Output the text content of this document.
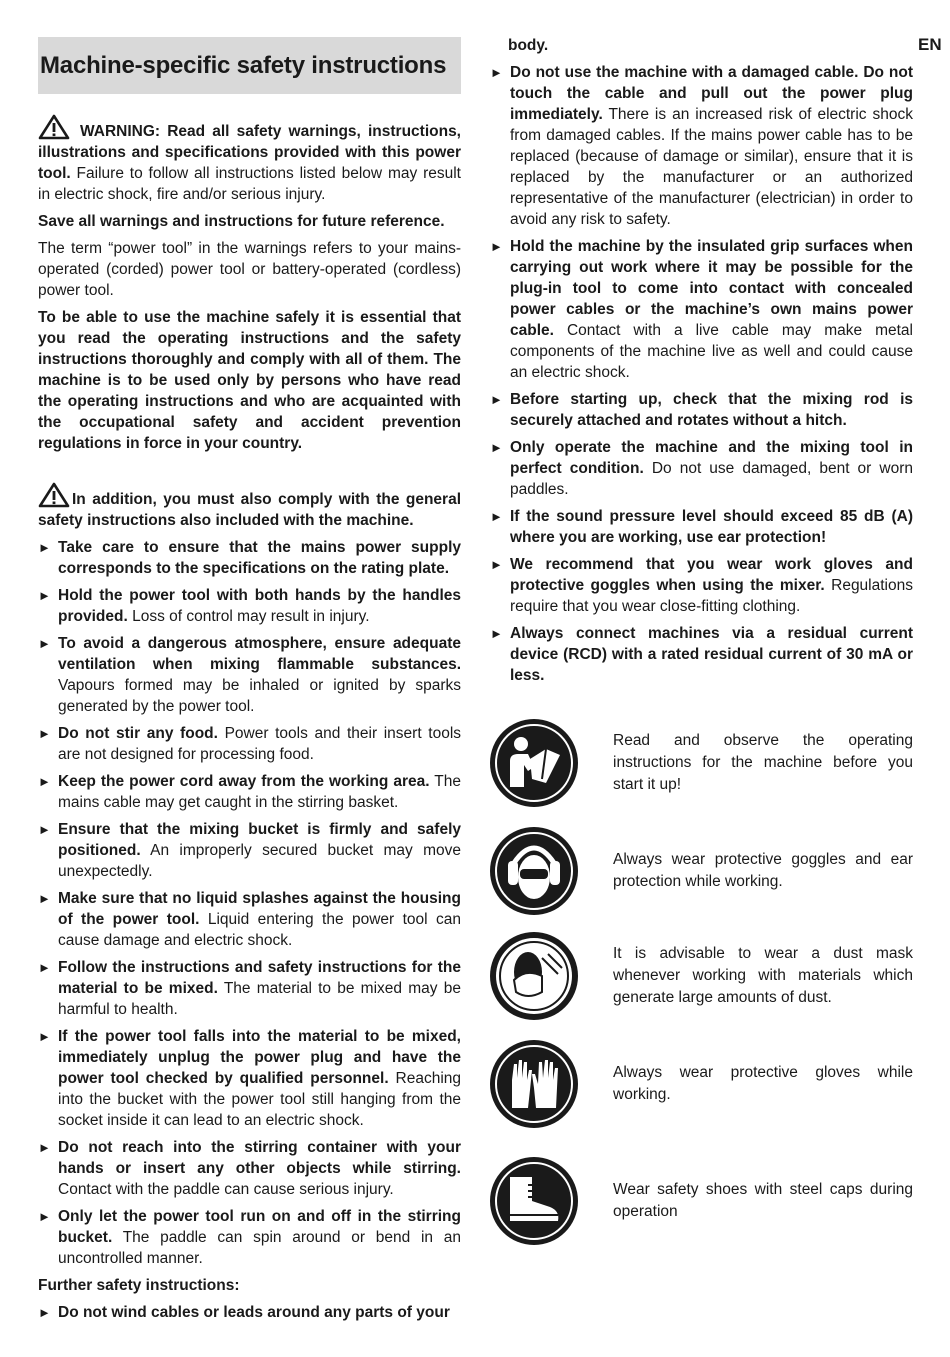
EN
Machine-specific safety instructions

WARNING: Read all safety warnings, instructions, illustrations and specifications provided with this power tool. Failure to follow all instructions listed below may result in electric shock, fire and/or serious injury.

Save all warnings and instructions for future reference.

The term “power tool” in the warnings refers to your mains-operated (corded) power tool or battery-operated (cordless) power tool.

To be able to use the machine safely it is essential that you read the operating instructions and the safety instructions thoroughly and comply with all of them. The machine is to be used only by persons who have read the operating instructions and who are acquainted with the occupational safety and accident prevention regulations in force in your country.

In addition, you must also comply with the general safety instructions also included with the machine.

► Take care to ensure that the mains power supply corresponds to the specifications on the rating plate.
► Hold the power tool with both hands by the handles provided. Loss of control may result in injury.
► To avoid a dangerous atmosphere, ensure adequate ventilation when mixing flammable substances. Vapours formed may be inhaled or ignited by sparks generated by the power tool.
► Do not stir any food. Power tools and their insert tools are not designed for processing food.
► Keep the power cord away from the working area. The mains cable may get caught in the stirring basket.
► Ensure that the mixing bucket is firmly and safely positioned. An improperly secured bucket may move unexpectedly.
► Make sure that no liquid splashes against the housing of the power tool. Liquid entering the power tool can cause damage and electric shock.
► Follow the instructions and safety instructions for the material to be mixed. The material to be mixed may be harmful to health.
► If the power tool falls into the material to be mixed, immediately unplug the power plug and have the power tool checked by qualified personnel. Reaching into the bucket with the power tool still hanging from the socket inside it can lead to an electric shock.
► Do not reach into the stirring container with your hands or insert any other objects while stirring. Contact with the paddle can cause serious injury.
► Only let the power tool run on and off in the stirring bucket. The paddle can spin around or bend in an uncontrolled manner.

Further safety instructions:

► Do not wind cables or leads around any parts of your

body.

► Do not use the machine with a damaged cable. Do not touch the cable and pull out the power plug immediately. There is an increased risk of electric shock from damaged cables. If the mains power cable has to be replaced (because of damage or similar), ensure that it is replaced by the manufacturer or an authorized representative of the manufacturer (electrician) in order to avoid any risk to safety.
► Hold the machine by the insulated grip surfaces when carrying out work where it may be possible for the plug-in tool to come into contact with concealed power cables or the machine’s own mains power cable. Contact with a live cable may make metal components of the machine live as well and could cause an electric shock.
► Before starting up, check that the mixing rod is securely attached and rotates without a hitch.
► Only operate the machine and the mixing tool in perfect condition. Do not use damaged, bent or worn paddles.
► If the sound pressure level should exceed 85 dB (A) where you are working, use ear protection!
► We recommend that you wear work gloves and protective goggles when using the mixer. Regulations require that you wear close-fitting clothing.
► Always connect machines via a residual current device (RCD) with a rated residual current of 30 mA or less.
Read and observe the operating instructions for the machine before you start it up!
Always wear protective goggles and ear protection while working.
It is advisable to wear a dust mask whenever working with materials which generate large amounts of dust.
Always wear protective gloves while working.
Wear safety shoes with steel caps during operation
